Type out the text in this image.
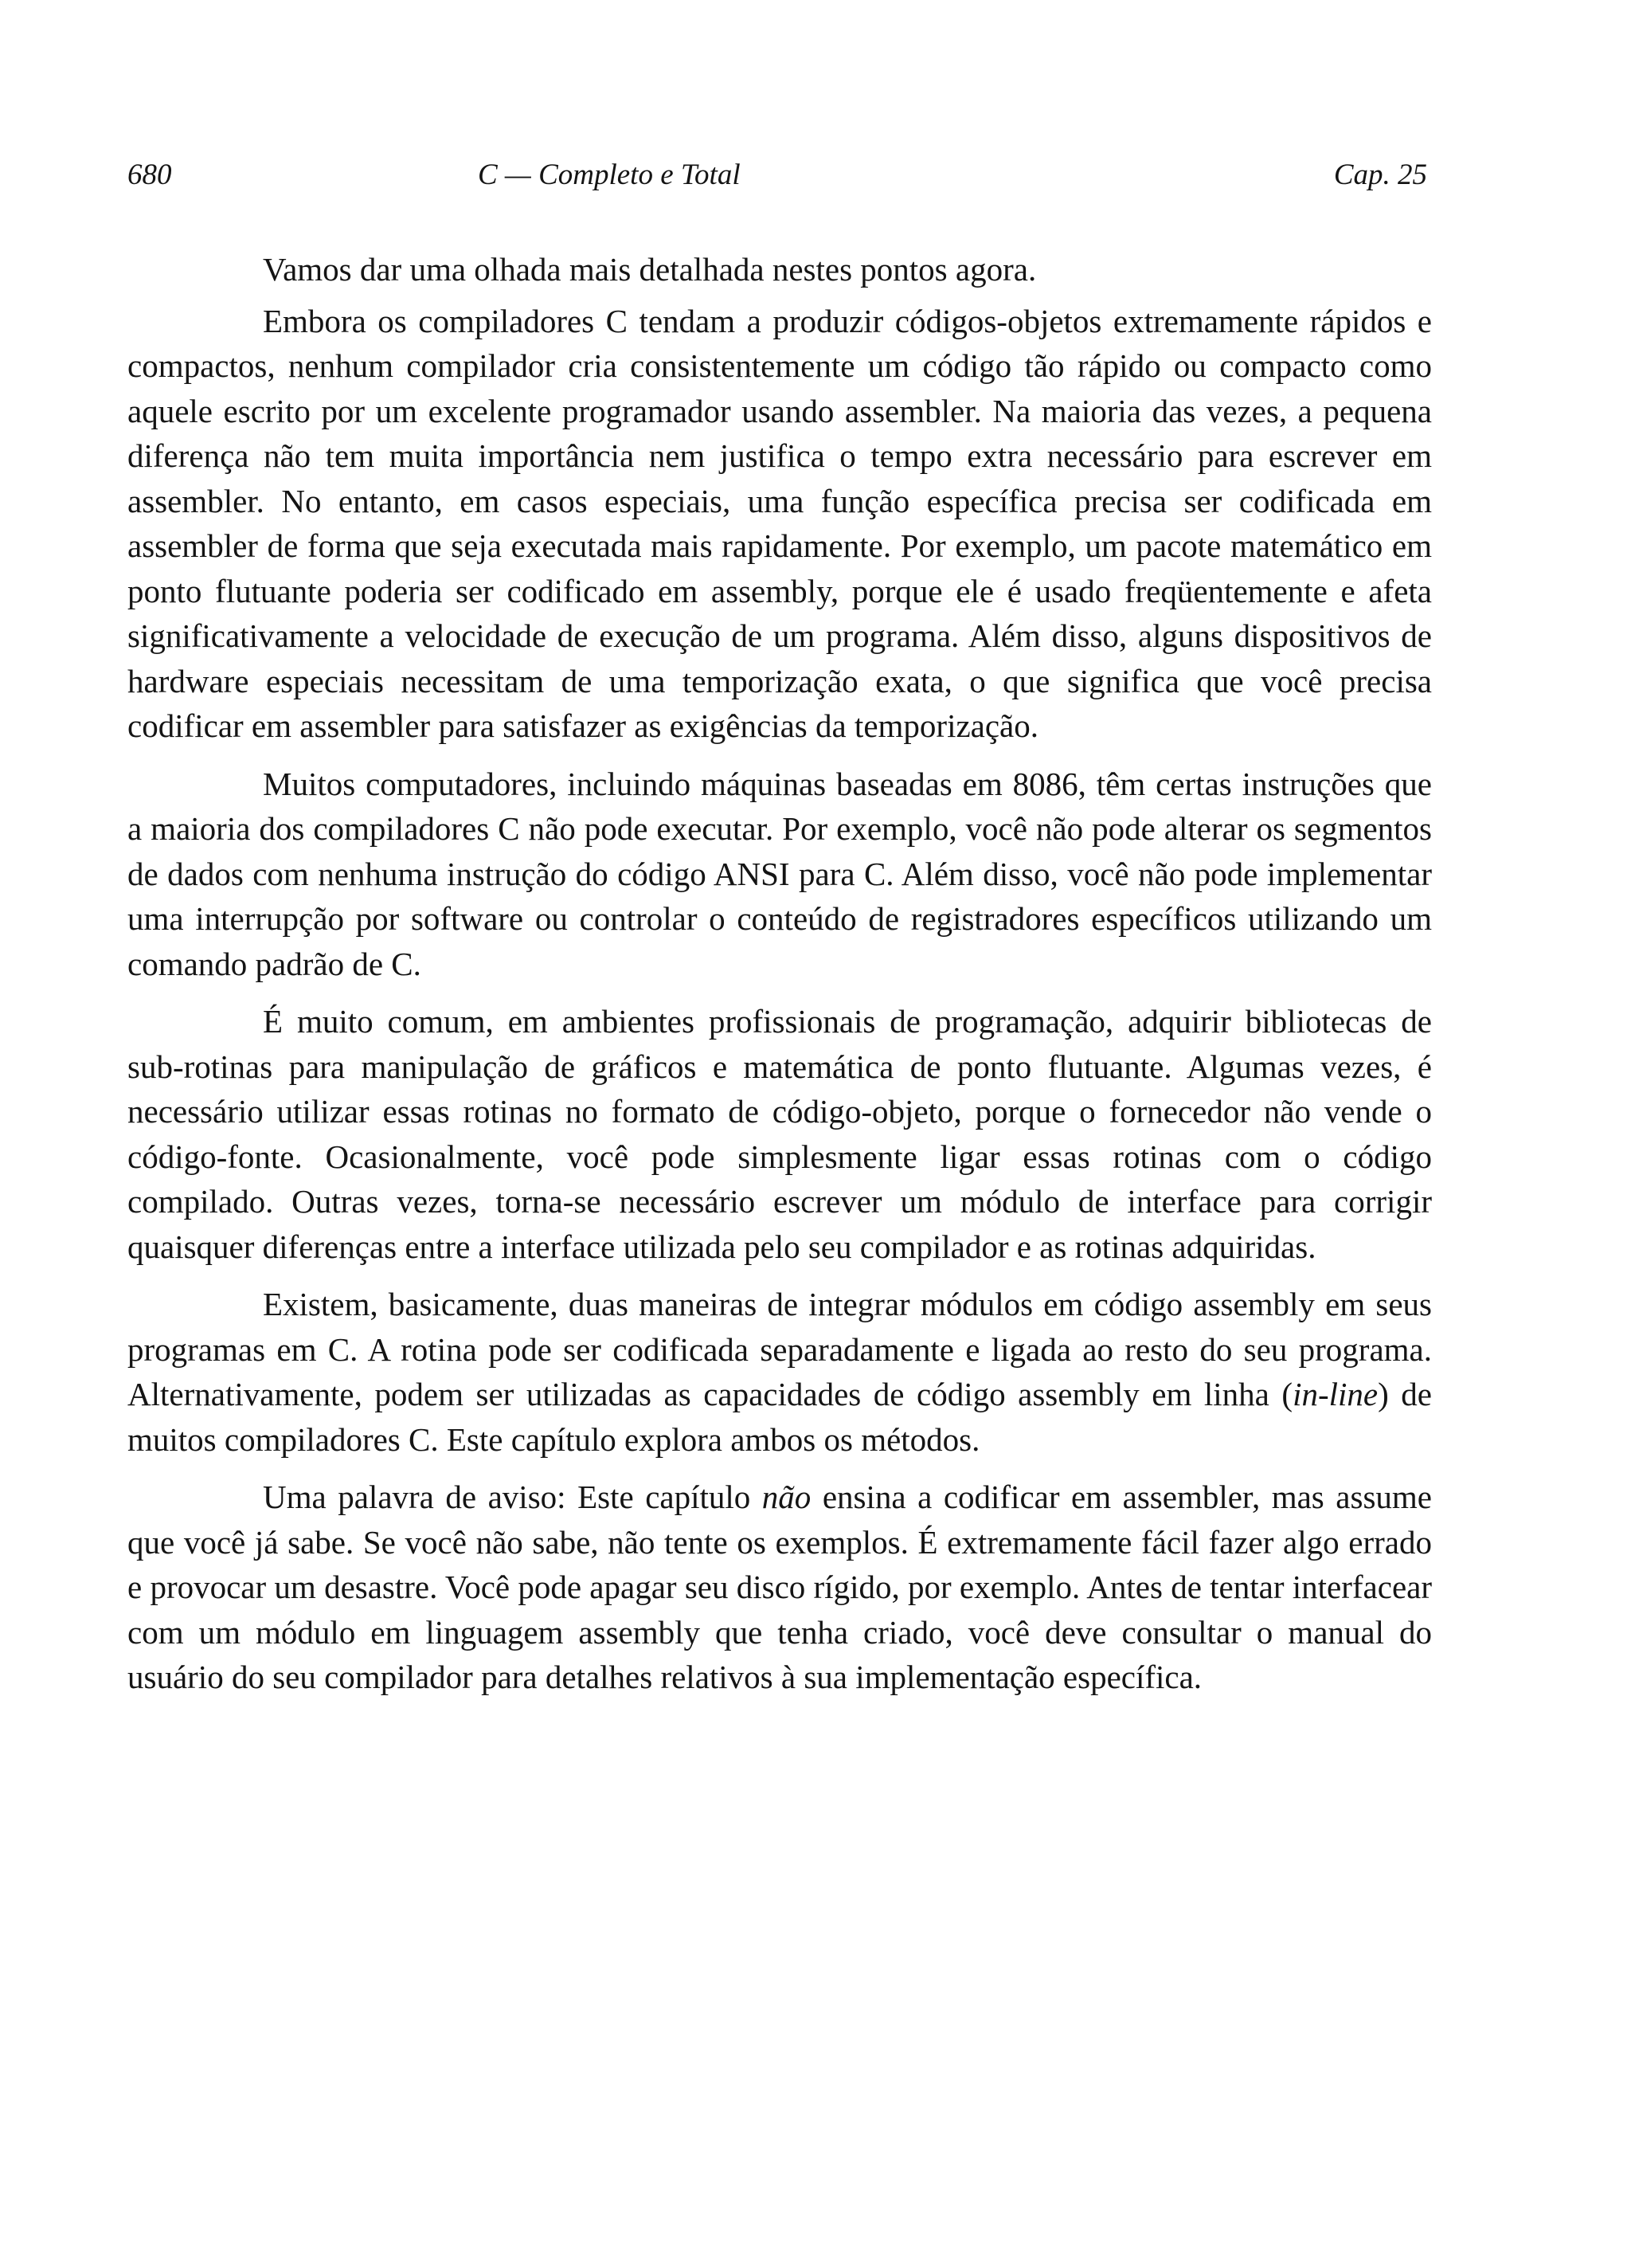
680	C — Completo e Total	Cap. 25

Vamos dar uma olhada mais detalhada nestes pontos agora.

Embora os compiladores C tendam a produzir códigos-objetos extremamente rápidos e compactos, nenhum compilador cria consistentemente um código tão rápido ou compacto como aquele escrito por um excelente programador usando assembler. Na maioria das vezes, a pequena diferença não tem muita importância nem justifica o tempo extra necessário para escrever em assembler. No entanto, em casos especiais, uma função específica precisa ser codificada em assembler de forma que seja executada mais rapidamente. Por exemplo, um pacote matemático em ponto flutuante poderia ser codificado em assembly, porque ele é usado freqüentemente e afeta significativamente a velocidade de execução de um programa. Além disso, alguns dispositivos de hardware especiais necessitam de uma temporização exata, o que significa que você precisa codificar em assembler para satisfazer as exigências da temporização.

Muitos computadores, incluindo máquinas baseadas em 8086, têm certas instruções que a maioria dos compiladores C não pode executar. Por exemplo, você não pode alterar os segmentos de dados com nenhuma instrução do código ANSI para C. Além disso, você não pode implementar uma interrupção por software ou controlar o conteúdo de registradores específicos utilizando um comando padrão de C.

É muito comum, em ambientes profissionais de programação, adquirir bibliotecas de sub-rotinas para manipulação de gráficos e matemática de ponto flutuante. Algumas vezes, é necessário utilizar essas rotinas no formato de código-objeto, porque o fornecedor não vende o código-fonte. Ocasionalmente, você pode simplesmente ligar essas rotinas com o código compilado. Outras vezes, torna-se necessário escrever um módulo de interface para corrigir quaisquer diferenças entre a interface utilizada pelo seu compilador e as rotinas adquiridas.

Existem, basicamente, duas maneiras de integrar módulos em código assembly em seus programas em C. A rotina pode ser codificada separadamente e ligada ao resto do seu programa. Alternativamente, podem ser utilizadas as capacidades de código assembly em linha (in-line) de muitos compiladores C. Este capítulo explora ambos os métodos.

Uma palavra de aviso: Este capítulo não ensina a codificar em assembler, mas assume que você já sabe. Se você não sabe, não tente os exemplos. É extremamente fácil fazer algo errado e provocar um desastre. Você pode apagar seu disco rígido, por exemplo. Antes de tentar interfacear com um módulo em linguagem assembly que tenha criado, você deve consultar o manual do usuário do seu compilador para detalhes relativos à sua implementação específica.
